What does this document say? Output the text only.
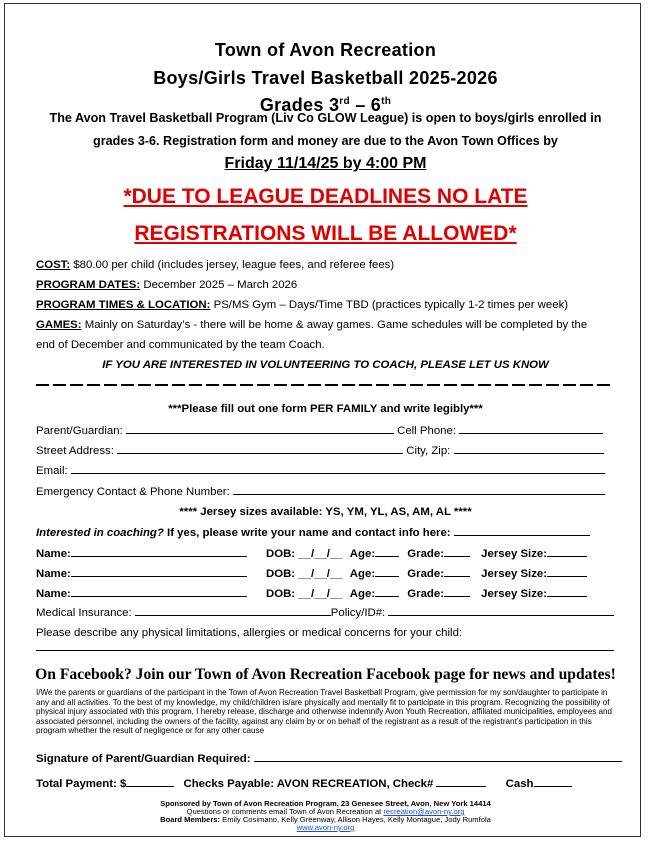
Town of Avon Recreation
Boys/Girls Travel Basketball 2025-2026
Grades 3rd – 6th
The Avon Travel Basketball Program (Liv Co GLOW League) is open to boys/girls enrolled in
grades 3-6. Registration form and money are due to the Avon Town Offices by
Friday 11/14/25 by 4:00 PM
*DUE TO LEAGUE DEADLINES NO LATE
REGISTRATIONS WILL BE ALLOWED*
COST: $80.00 per child (includes jersey, league fees, and referee fees)
PROGRAM DATES: December 2025 – March 2026
PROGRAM TIMES & LOCATION: PS/MS Gym – Days/Time TBD (practices typically 1-2 times per week)
GAMES: Mainly on Saturday’s - there will be home & away games. Game schedules will be completed by the
end of December and communicated by the team Coach.
IF YOU ARE INTERESTED IN VOLUNTEERING TO COACH, PLEASE LET US KNOW
***Please fill out one form PER FAMILY and write legibly***
Parent/Guardian:	Cell Phone:
Street Address:	City, Zip:
Email:
Emergency Contact & Phone Number:
**** Jersey sizes available: YS, YM, YL, AS, AM, AL ****
Interested in coaching? If yes, please write your name and contact info here:
Name:	DOB: __/__/__ Age:	Grade:	Jersey Size:
Name:	DOB: __/__/__ Age:	Grade:	Jersey Size:
Name:	DOB: __/__/__ Age:	Grade:	Jersey Size:
Medical Insurance:	Policy/ID#:
Please describe any physical limitations, allergies or medical concerns for your child:
On Facebook? Join our Town of Avon Recreation Facebook page for news and updates!
I/We the parents or guardians of the participant in the Town of Avon Recreation Travel Basketball Program, give permission for my son/daughter to participate in any and all activities. To the best of my knowledge, my child/children is/are physically and mentally fit to participate in this program. Recognizing the possibility of physical injury associated with this program, I hereby release, discharge and otherwise indemnify Avon Youth Recreation, affiliated municipalities, employees and associated personnel, including the owners of the facility, against any claim by or on behalf of the registrant as a result of the registrant’s participation in this program whether the result of negligence or for any other cause
Signature of Parent/Guardian Required:
Total Payment: $	Checks Payable: AVON RECREATION, Check#	Cash
Sponsored by Town of Avon Recreation Program, 23 Genesee Street, Avon, New York 14414
Questions or comments email Town of Avon Recreation at recreation@avon-ny.org
Board Members: Emily Cosimano, Kelly Greenway, Allison Hayes, Kelly Montague, Jody Rumfola
www.avon-ny.org
